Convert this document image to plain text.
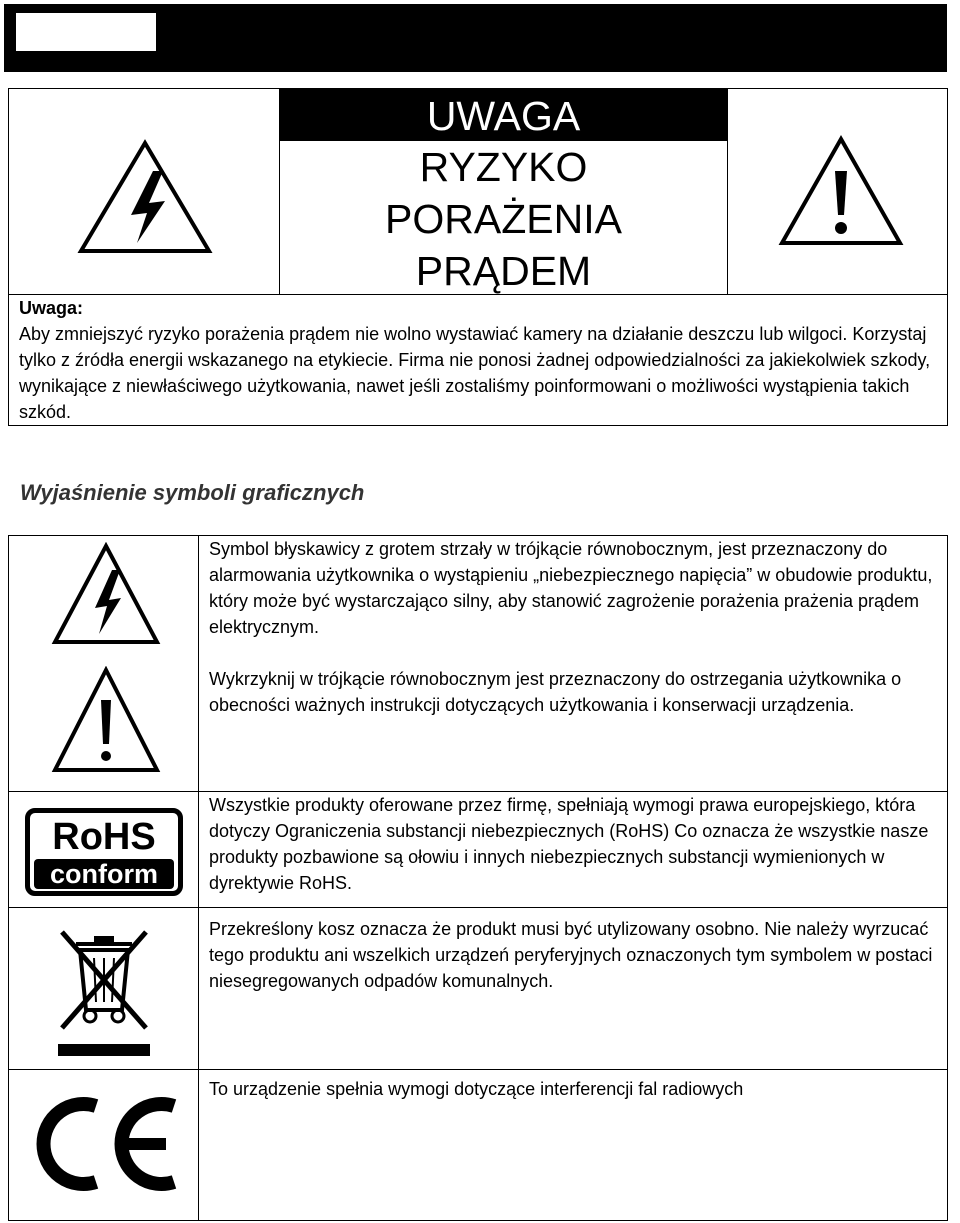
UWAGA
RYZYKO
PORAŻENIA
PRĄDEM
Uwaga:
Aby zmniejszyć ryzyko porażenia prądem nie wolno wystawiać kamery na działanie deszczu lub wilgoci. Korzystaj tylko z źródła energii wskazanego na etykiecie. Firma nie ponosi żadnej odpowiedzialności za jakiekolwiek szkody, wynikające z niewłaściwego użytkowania, nawet jeśli zostaliśmy poinformowani o możliwości wystąpienia takich szkód.
Wyjaśnienie symboli graficznych
Symbol błyskawicy z grotem strzały w trójkącie równobocznym, jest przeznaczony do alarmowania użytkownika o wystąpieniu „niebezpiecznego napięcia” w obudowie produktu, który może być wystarczająco silny, aby stanowić zagrożenie porażenia prażenia prądem elektrycznym.
Wykrzyknij w trójkącie równobocznym jest przeznaczony do ostrzegania użytkownika o obecności ważnych instrukcji dotyczących użytkowania i konserwacji urządzenia.
RoHS
conform
Wszystkie produkty oferowane przez firmę, spełniają wymogi prawa europejskiego, która dotyczy Ograniczenia substancji niebezpiecznych (RoHS) Co oznacza że wszystkie nasze produkty pozbawione są ołowiu i innych niebezpiecznych substancji wymienionych w dyrektywie RoHS.
Przekreślony kosz oznacza że produkt musi być utylizowany osobno. Nie należy wyrzucać tego produktu ani wszelkich urządzeń peryferyjnych oznaczonych tym symbolem w postaci niesegregowanych odpadów komunalnych.
To urządzenie spełnia wymogi dotyczące interferencji fal radiowych
